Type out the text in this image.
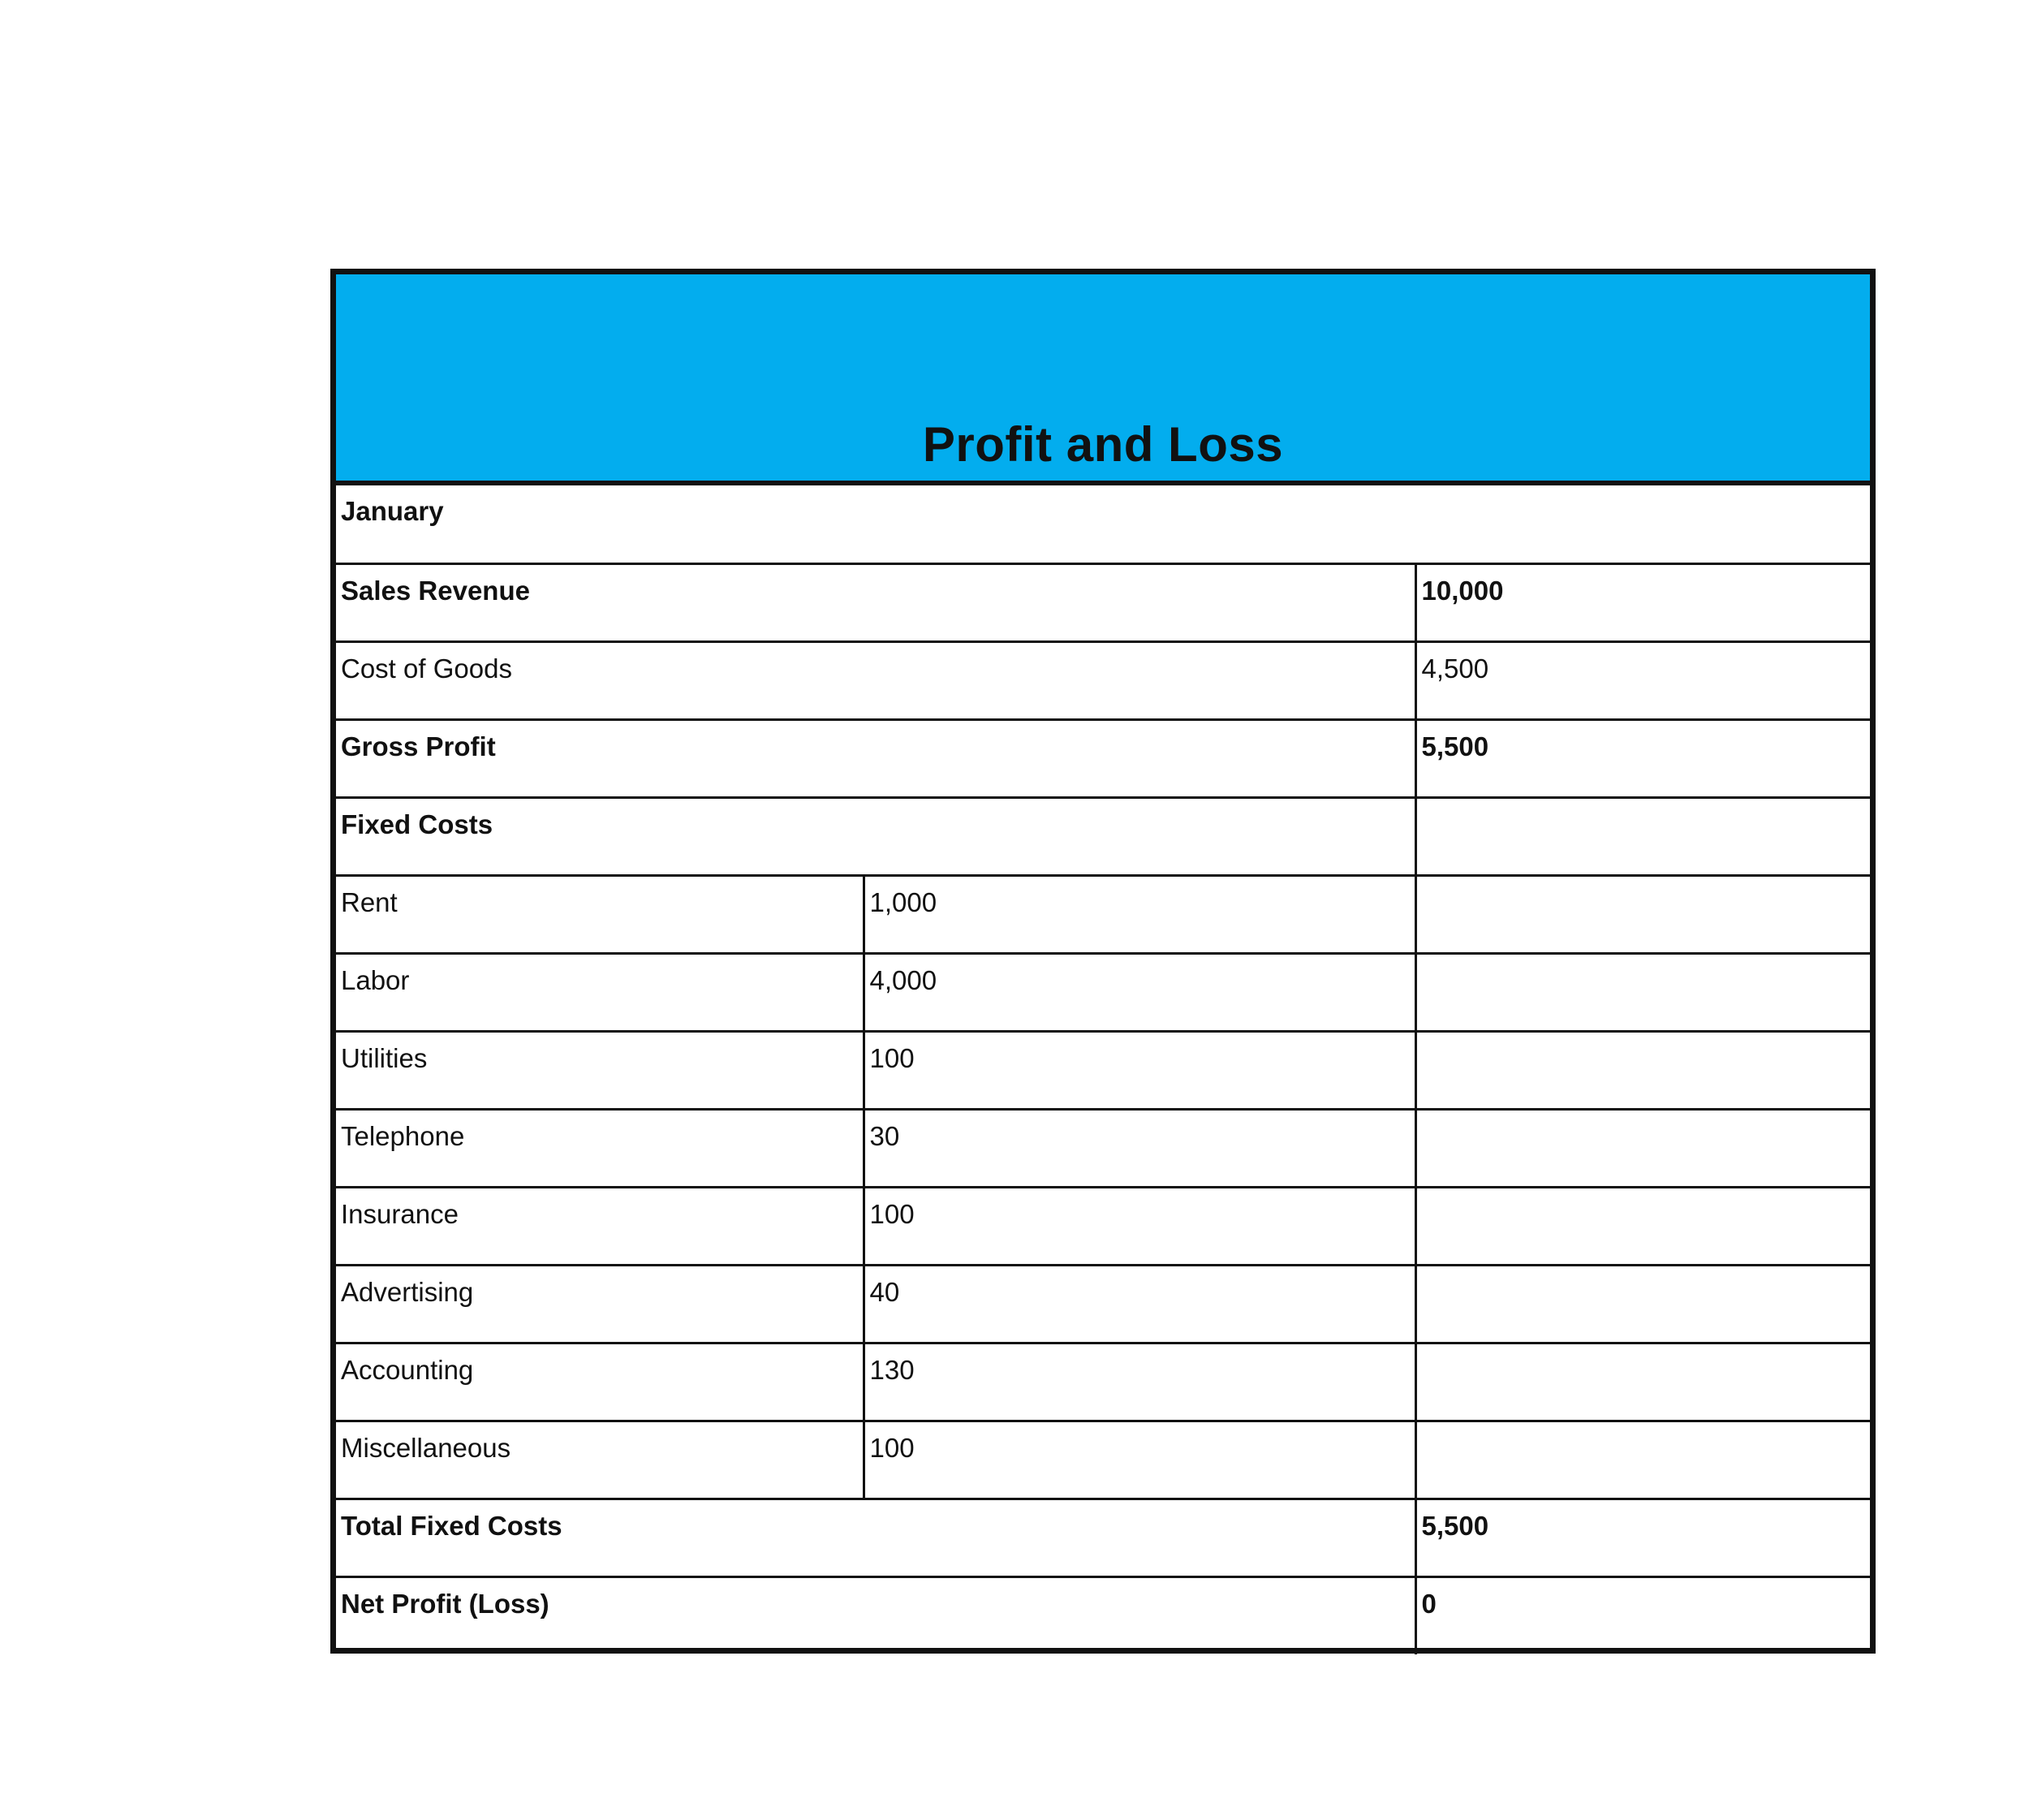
Profit and Loss
January		
Sales Revenue		10,000
Cost of Goods		4,500
Gross Profit		5,500
Fixed Costs		
Rent	1,000	
Labor	4,000	
Utilities	100	
Telephone	30	
Insurance	100	
Advertising	40	
Accounting	130	
Miscellaneous	100	
Total Fixed Costs		5,500
Net Profit (Loss)		0
